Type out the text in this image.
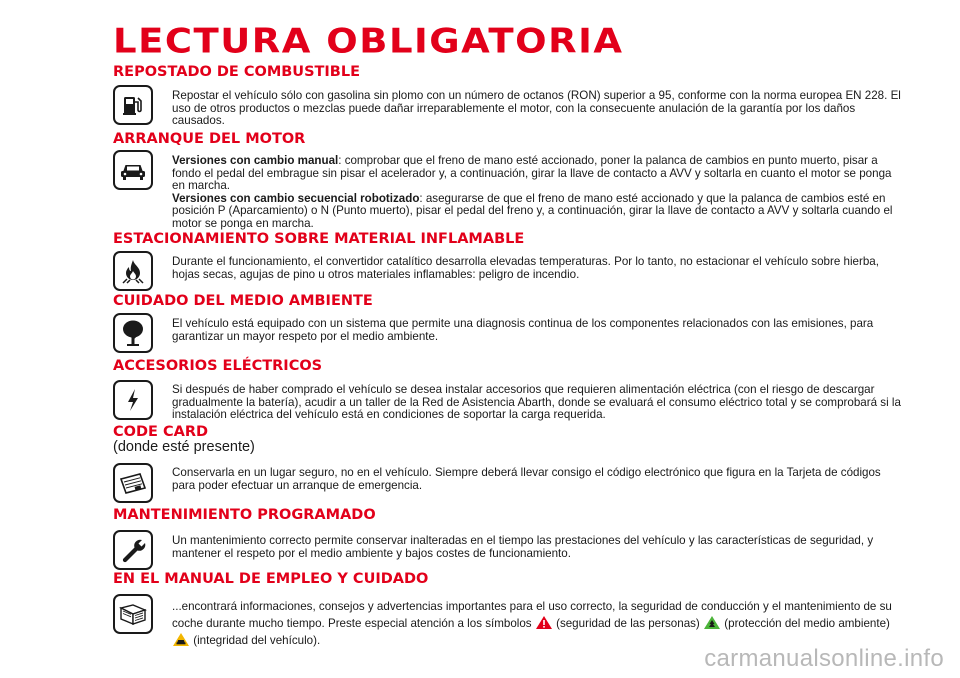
LECTURA OBLIGATORIA
REPOSTADO DE COMBUSTIBLE

Repostar el vehículo sólo con gasolina sin plomo con un número de octanos (RON) superior a 95, conforme con la norma europea EN 228. El uso de otros productos o mezclas puede dañar irreparablemente el motor, con la consecuente anulación de la garantía por los daños causados.

ARRANQUE DEL MOTOR

Versiones con cambio manual: comprobar que el freno de mano esté accionado, poner la palanca de cambios en punto muerto, pisar a fondo el pedal del embrague sin pisar el acelerador y, a continuación, girar la llave de contacto a AVV y soltarla en cuanto el motor se ponga en marcha.
Versiones con cambio secuencial robotizado: asegurarse de que el freno de mano esté accionado y que la palanca de cambios esté en posición P (Aparcamiento) o N (Punto muerto), pisar el pedal del freno y, a continuación, girar la llave de contacto a AVV y soltarla cuando el motor se ponga en marcha.

ESTACIONAMIENTO SOBRE MATERIAL INFLAMABLE

Durante el funcionamiento, el convertidor catalítico desarrolla elevadas temperaturas. Por lo tanto, no estacionar el vehículo sobre hierba, hojas secas, agujas de pino u otros materiales inflamables: peligro de incendio.

CUIDADO DEL MEDIO AMBIENTE

El vehículo está equipado con un sistema que permite una diagnosis continua de los componentes relacionados con las emisiones, para garantizar un mayor respeto por el medio ambiente.

ACCESORIOS ELÉCTRICOS

Si después de haber comprado el vehículo se desea instalar accesorios que requieren alimentación eléctrica (con el riesgo de descargar gradualmente la batería), acudir a un taller de la Red de Asistencia Abarth, donde se evaluará el consumo eléctrico total y se comprobará si la instalación eléctrica del vehículo está en condiciones de soportar la carga requerida.

CODE CARD
(donde esté presente)

Conservarla en un lugar seguro, no en el vehículo. Siempre deberá llevar consigo el código electrónico que figura en la Tarjeta de códigos para poder efectuar un arranque de emergencia.

MANTENIMIENTO PROGRAMADO

Un mantenimiento correcto permite conservar inalteradas en el tiempo las prestaciones del vehículo y las características de seguridad, y mantener el respeto por el medio ambiente y bajos costes de funcionamiento.

EN EL MANUAL DE EMPLEO Y CUIDADO

...encontrará informaciones, consejos y advertencias importantes para el uso correcto, la seguridad de conducción y el mantenimiento de su coche durante mucho tiempo. Preste especial atención a los símbolos (seguridad de las personas) (protección del medio ambiente)
(integridad del vehículo).

carmanualsonline.info
